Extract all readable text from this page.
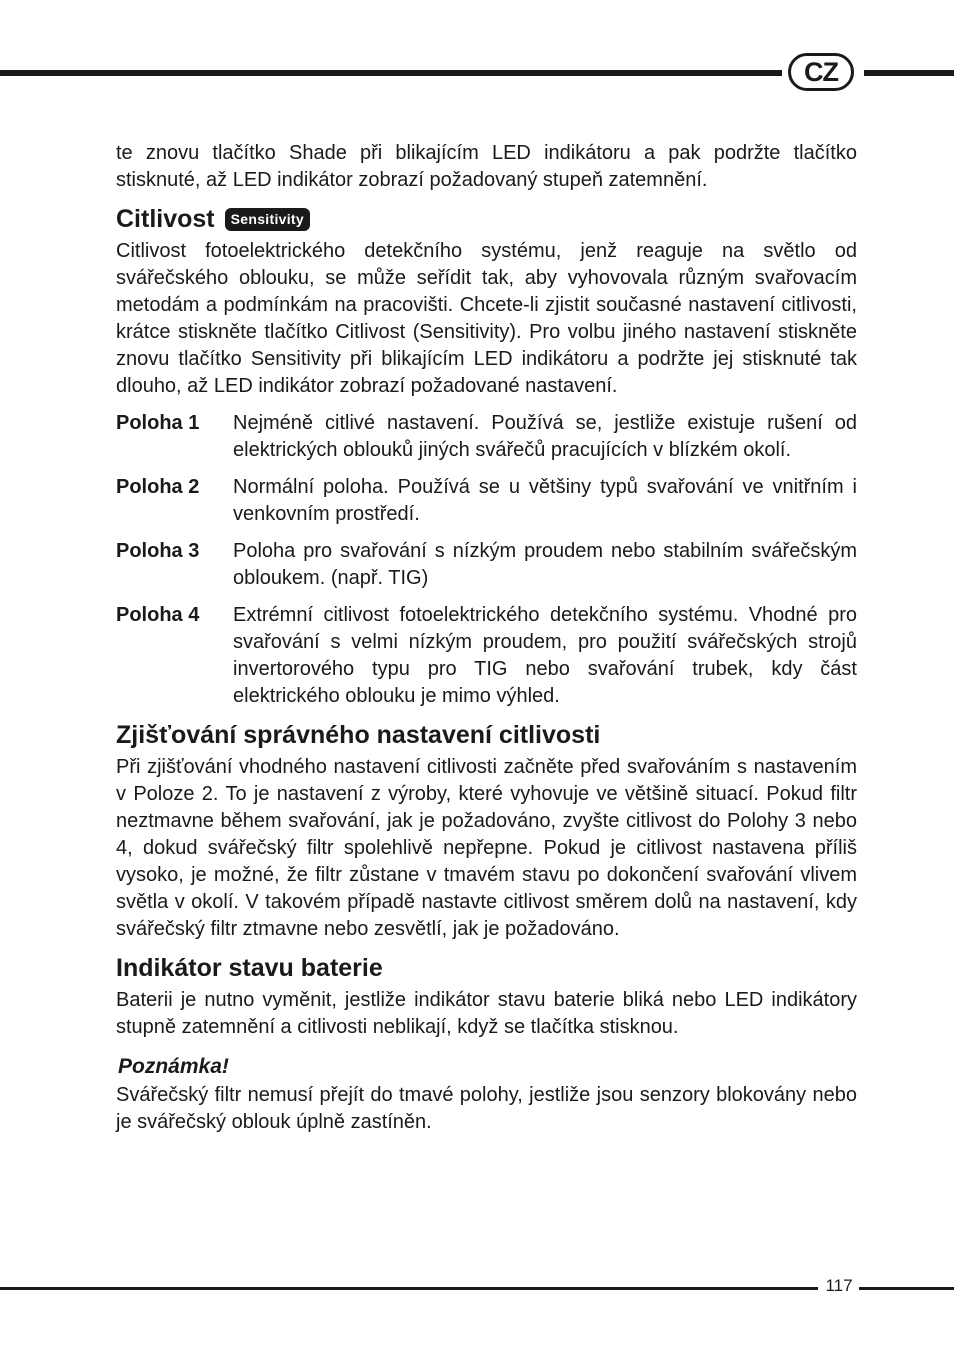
CZ

te znovu tlačítko Shade při blikajícím LED indikátoru a pak podržte tlačítko stisknuté, až LED indikátor zobrazí požadovaný stupeň zatemnění.

Citlivost	Sensitivity

Citlivost fotoelektrického detekčního systému, jenž reaguje na světlo od svářečského oblouku, se může seřídit tak, aby vyhovovala různým svařovacím metodám a podmínkám na pracovišti. Chcete-li zjistit současné nastavení citlivosti, krátce stiskněte tlačítko Citlivost (Sensitivity). Pro volbu jiného nastavení stiskněte znovu tlačítko Sensitivity při blikajícím LED indikátoru a podržte jej stisknuté tak dlouho, až LED indikátor zobrazí požadované nastavení.

Poloha 1	Nejméně citlivé nastavení. Používá se, jestliže existuje rušení od elektrických oblouků jiných svářečů pracujících v blízkém okolí.
Poloha 2	Normální poloha. Používá se u většiny typů svařování ve vnitřním i venkovním prostředí.
Poloha 3	Poloha pro svařování s nízkým proudem nebo stabilním svářečským obloukem. (např. TIG)
Poloha 4	Extrémní citlivost fotoelektrického detekčního systému. Vhodné pro svařování s velmi nízkým proudem, pro použití svářečských strojů invertorového typu pro TIG nebo svařování trubek, kdy část elektrického oblouku je mimo výhled.
Zjišťování správného nastavení citlivosti

Při zjišťování vhodného nastavení citlivosti začněte před svařováním s nastavením v Poloze 2. To je nastavení z výroby, které vyhovuje ve většině situací. Pokud filtr neztmavne během svařování, jak je požadováno, zvyšte citlivost do Polohy 3 nebo 4, dokud svářečský filtr spolehlivě nepřepne. Pokud je citlivost nastavena příliš vysoko, je možné, že filtr zůstane v tmavém stavu po dokončení svařování vlivem světla v okolí. V takovém případě nastavte citlivost směrem dolů na nastavení, kdy svářečský filtr ztmavne nebo zesvětlí, jak je požadováno.

Indikátor stavu baterie

Baterii je nutno vyměnit, jestliže indikátor stavu baterie bliká nebo LED indikátory stupně zatemnění a citlivosti neblikají, když se tlačítka stisknou.

Poznámka!

Svářečský filtr nemusí přejít do tmavé polohy, jestliže jsou senzory blokovány nebo je svářečský oblouk úplně zastíněn.

117
